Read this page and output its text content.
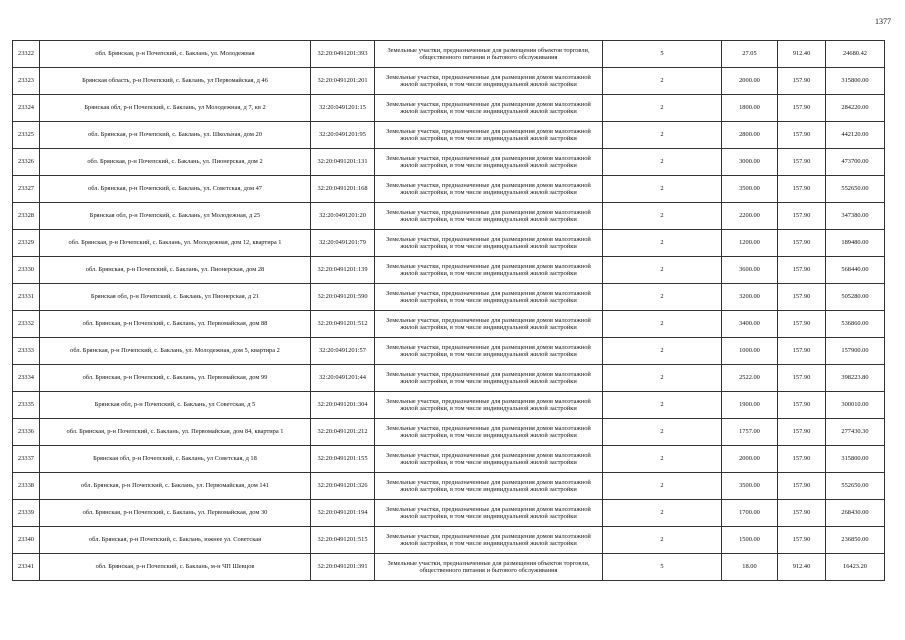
1377
23322	обл. Брянская, р-н Почепский, с. Баклань, ул. Молодежная	32:20:0491201:393	Земельные участки, предназначенные для размещения объектов торговли, общественного питания и бытового обслуживания	5	27.05	912.40	24680.42
23323	Брянская область, р-н Почепский, с. Баклань, ул Первомайская, д 46	32:20:0491201:201	Земельные участки, предназначенные для размещения домов малоэтажной жилой застройки, в том числе индивидуальной жилой застройки	2	2000.00	157.90	315800.00
23324	Брянская обл, р-н Почепский, с. Баклань, ул Молодежная, д 7, кв 2	32:20:0491201:15	Земельные участки, предназначенные для размещения домов малоэтажной жилой застройки, в том числе индивидуальной жилой застройки	2	1800.00	157.90	284220.00
23325	обл. Брянская, р-н Почепский, с. Баклань, ул. Школьная, дом 20	32:20:0491201:95	Земельные участки, предназначенные для размещения домов малоэтажной жилой застройки, в том числе индивидуальной жилой застройки	2	2800.00	157.90	442120.00
23326	обл. Брянская, р-н Почепский, с. Баклань, ул. Пионерская, дом 2	32:20:0491201:131	Земельные участки, предназначенные для размещения домов малоэтажной жилой застройки, в том числе индивидуальной жилой застройки	2	3000.00	157.90	473700.00
23327	обл. Брянская, р-н Почепский, с. Баклань, ул. Советская, дом 47	32:20:0491201:168	Земельные участки, предназначенные для размещения домов малоэтажной жилой застройки, в том числе индивидуальной жилой застройки	2	3500.00	157.90	552650.00
23328	Брянская обл, р-н Почепский, с. Баклань, ул Молодежная, д 25	32:20:0491201:20	Земельные участки, предназначенные для размещения домов малоэтажной жилой застройки, в том числе индивидуальной жилой застройки	2	2200.00	157.90	347380.00
23329	обл. Брянская, р-н Почепский, с. Баклань, ул. Молодежная, дом 12, квартира 1	32:20:0491201:79	Земельные участки, предназначенные для размещения домов малоэтажной жилой застройки, в том числе индивидуальной жилой застройки	2	1200.00	157.90	189480.00
23330	обл. Брянская, р-н Почепский, с. Баклань, ул. Пионерская, дом 28	32:20:0491201:139	Земельные участки, предназначенные для размещения домов малоэтажной жилой застройки, в том числе индивидуальной жилой застройки	2	3600.00	157.90	568440.00
23331	Брянская обл, р-н Почепский, с. Баклань, ул Пионерская, д 21	32:20:0491201:590	Земельные участки, предназначенные для размещения домов малоэтажной жилой застройки, в том числе индивидуальной жилой застройки	2	3200.00	157.90	505280.00
23332	обл. Брянская, р-н Почепский, с. Баклань, ул. Первомайская, дом 88	32:20:0491201:512	Земельные участки, предназначенные для размещения домов малоэтажной жилой застройки, в том числе индивидуальной жилой застройки	2	3400.00	157.90	536860.00
23333	обл. Брянская, р-н Почепский, с. Баклань, ул. Молодежная, дом 5, квартира 2	32:20:0491201:57	Земельные участки, предназначенные для размещения домов малоэтажной жилой застройки, в том числе индивидуальной жилой застройки	2	1000.00	157.90	157900.00
23334	обл. Брянская, р-н Почепский, с. Баклань, ул. Первомайская, дом 99	32:20:0491201:44	Земельные участки, предназначенные для размещения домов малоэтажной жилой застройки, в том числе индивидуальной жилой застройки	2	2522.00	157.90	398223.80
23335	Брянская обл, р-н Почепский, с. Баклань, ул Советская, д 5	32:20:0491201:304	Земельные участки, предназначенные для размещения домов малоэтажной жилой застройки, в том числе индивидуальной жилой застройки	2	1900.00	157.90	300010.00
23336	обл. Брянская, р-н Почепский, с. Баклань, ул. Первомайская, дом 84, квартира 1	32:20:0491201:212	Земельные участки, предназначенные для размещения домов малоэтажной жилой застройки, в том числе индивидуальной жилой застройки	2	1757.00	157.90	277430.30
23337	Брянская обл, р-н Почепский, с. Баклань, ул Советская, д 18	32:20:0491201:155	Земельные участки, предназначенные для размещения домов малоэтажной жилой застройки, в том числе индивидуальной жилой застройки	2	2000.00	157.90	315800.00
23338	обл. Брянская, р-н Почепский, с. Баклань, ул. Первомайская, дом 141	32:20:0491201:326	Земельные участки, предназначенные для размещения домов малоэтажной жилой застройки, в том числе индивидуальной жилой застройки	2	3500.00	157.90	552650.00
23339	обл. Брянская, р-н Почепский, с. Баклань, ул. Первомайская, дом 30	32:20:0491201:194	Земельные участки, предназначенные для размещения домов малоэтажной жилой застройки, в том числе индивидуальной жилой застройки	2	1700.00	157.90	268430.00
23340	обл. Брянская, р-н Почепский, с. Баклань, южнее ул. Советская	32:20:0491201:515	Земельные участки, предназначенные для размещения домов малоэтажной жилой застройки, в том числе индивидуальной жилой застройки	2	1500.00	157.90	236850.00
23341	обл. Брянская, р-н Почепский, с. Баклань, м-н ЧП Шевцов	32:20:0491201:391	Земельные участки, предназначенные для размещения объектов торговли, общественного питания и бытового обслуживания	5	18.00	912.40	16423.20
